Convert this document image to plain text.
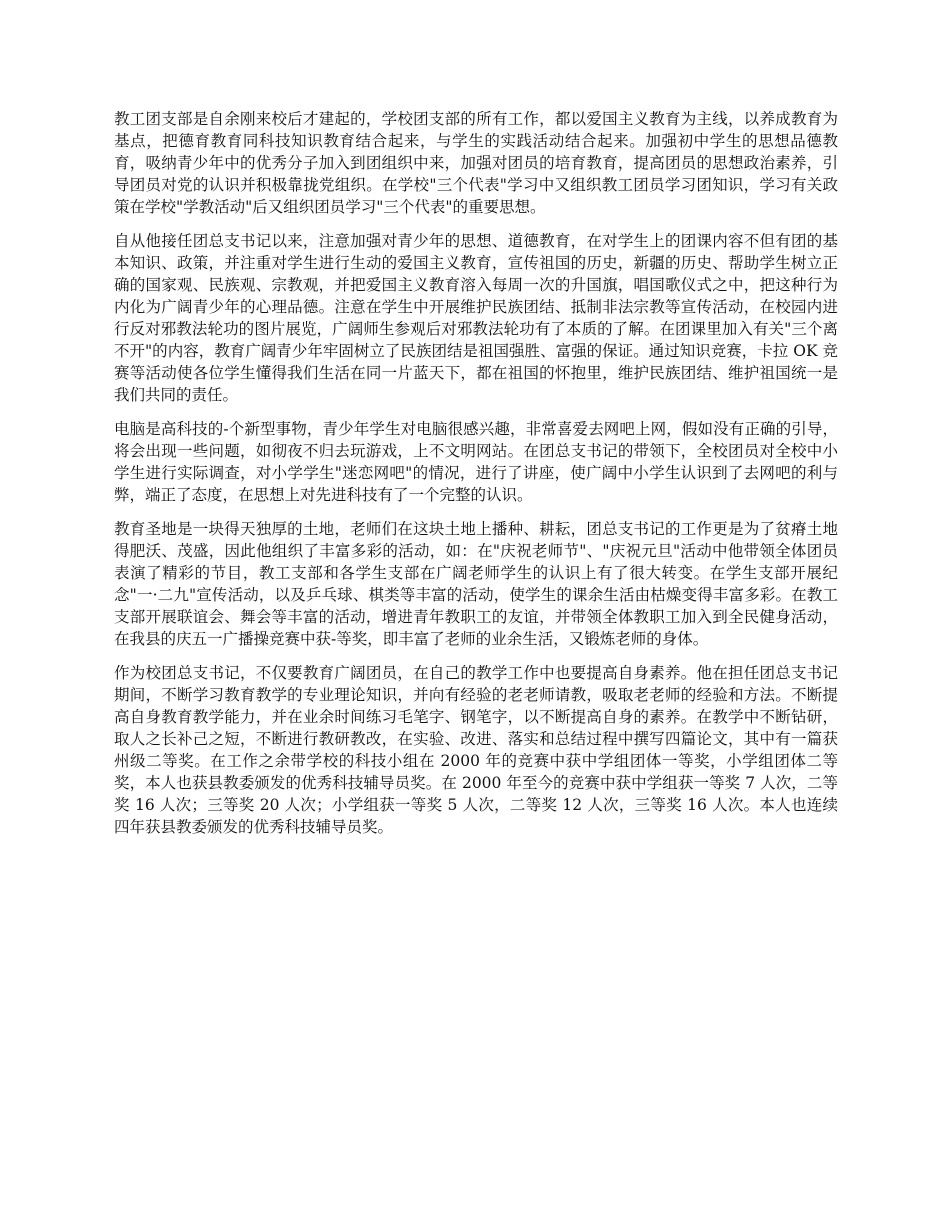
教工团支部是自余刚来校后才建起的，学校团支部的所有工作，都以爱国主义教育为主线，以养成教育为基点，把德育教育同科技知识教育结合起来，与学生的实践活动结合起来。加强初中学生的思想品德教育，吸纳青少年中的优秀分子加入到团组织中来，加强对团员的培育教育，提高团员的思想政治素养，引导团员对党的认识并积极靠拢党组织。在学校"三个代表"学习中又组织教工团员学习团知识，学习有关政策在学校"学教活动"后又组织团员学习"三个代表"的重要思想。

自从他接任团总支书记以来，注意加强对青少年的思想、道德教育，在对学生上的团课内容不但有团的基本知识、政策，并注重对学生进行生动的爱国主义教育，宣传祖国的历史，新疆的历史、帮助学生树立正确的国家观、民族观、宗教观，并把爱国主义教育溶入每周一次的升国旗，唱国歌仪式之中，把这种行为内化为广阔青少年的心理品德。注意在学生中开展维护民族团结、抵制非法宗教等宣传活动，在校园内进行反对邪教法轮功的图片展览，广阔师生参观后对邪教法轮功有了本质的了解。在团课里加入有关"三个离不开"的内容，教育广阔青少年牢固树立了民族团结是祖国强胜、富强的保证。通过知识竞赛，卡拉 OK 竞赛等活动使各位学生懂得我们生活在同一片蓝天下，都在祖国的怀抱里，维护民族团结、维护祖国统一是我们共同的责任。

电脑是高科技的-个新型事物，青少年学生对电脑很感兴趣，非常喜爱去网吧上网，假如没有正确的引导，将会出现一些问题，如彻夜不归去玩游戏，上不文明网站。在团总支书记的带领下，全校团员对全校中小学生进行实际调查，对小学学生"迷恋网吧"的情况，进行了讲座，使广阔中小学生认识到了去网吧的利与弊，端正了态度，在思想上对先进科技有了一个完整的认识。

教育圣地是一块得天独厚的土地，老师们在这块土地上播种、耕耘，团总支书记的工作更是为了贫瘠土地得肥沃、茂盛，因此他组织了丰富多彩的活动，如：在"庆祝老师节"、"庆祝元旦"活动中他带领全体团员表演了精彩的节目，教工支部和各学生支部在广阔老师学生的认识上有了很大转变。在学生支部开展纪念"一·二九"宣传活动，以及乒乓球、棋类等丰富的活动，使学生的课余生活由枯燥变得丰富多彩。在教工支部开展联谊会、舞会等丰富的活动，增进青年教职工的友谊，并带领全体教职工加入到全民健身活动，在我县的庆五一广播操竞赛中获-等奖，即丰富了老师的业余生活，又锻炼老师的身体。

作为校团总支书记，不仅要教育广阔团员，在自己的教学工作中也要提高自身素养。他在担任团总支书记期间，不断学习教育教学的专业理论知识，并向有经验的老老师请教，吸取老老师的经验和方法。不断提高自身教育教学能力，并在业余时间练习毛笔字、钢笔字，以不断提高自身的素养。在教学中不断钻研，取人之长补己之短，不断进行教研教改，在实验、改进、落实和总结过程中撰写四篇论文，其中有一篇获州级二等奖。在工作之余带学校的科技小组在 2000 年的竞赛中获中学组团体一等奖，小学组团体二等奖，本人也获县教委颁发的优秀科技辅导员奖。在 2000 年至今的竞赛中获中学组获一等奖 7 人次，二等奖 16 人次；三等奖 20 人次；小学组获一等奖 5 人次，二等奖 12 人次，三等奖 16 人次。本人也连续四年获县教委颁发的优秀科技辅导员奖。
